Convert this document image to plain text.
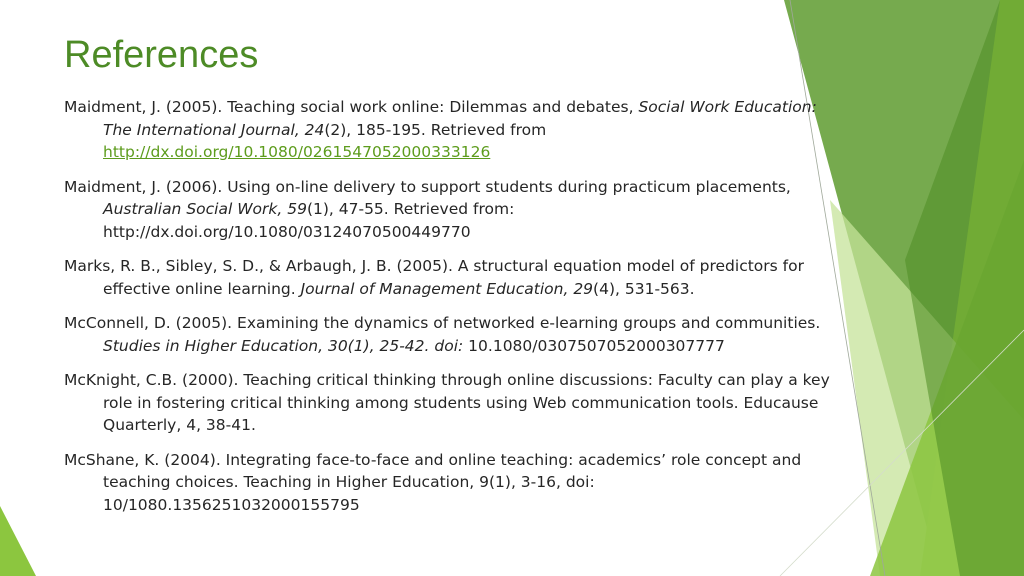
References

Maidment, J. (2005). Teaching social work online: Dilemmas and debates, Social Work Education: The International Journal, 24(2), 185-195. Retrieved from http://dx.doi.org/10.1080/0261547052000333126

Maidment, J. (2006). Using on-line delivery to support students during practicum placements, Australian Social Work, 59(1), 47-55. Retrieved from: http://dx.doi.org/10.1080/03124070500449770

Marks, R. B., Sibley, S. D., & Arbaugh, J. B. (2005). A structural equation model of predictors for effective online learning. Journal of Management Education, 29(4), 531-563.

McConnell, D. (2005). Examining the dynamics of networked e-learning groups and communities. Studies in Higher Education, 30(1), 25-42. doi: 10.1080/0307507052000307777

McKnight, C.B. (2000). Teaching critical thinking through online discussions: Faculty can play a key role in fostering critical thinking among students using Web communication tools. Educause Quarterly, 4, 38-41.

McShane, K. (2004). Integrating face-to-face and online teaching: academics’ role concept and teaching choices. Teaching in Higher Education, 9(1), 3-16, doi: 10/1080.1356251032000155795
